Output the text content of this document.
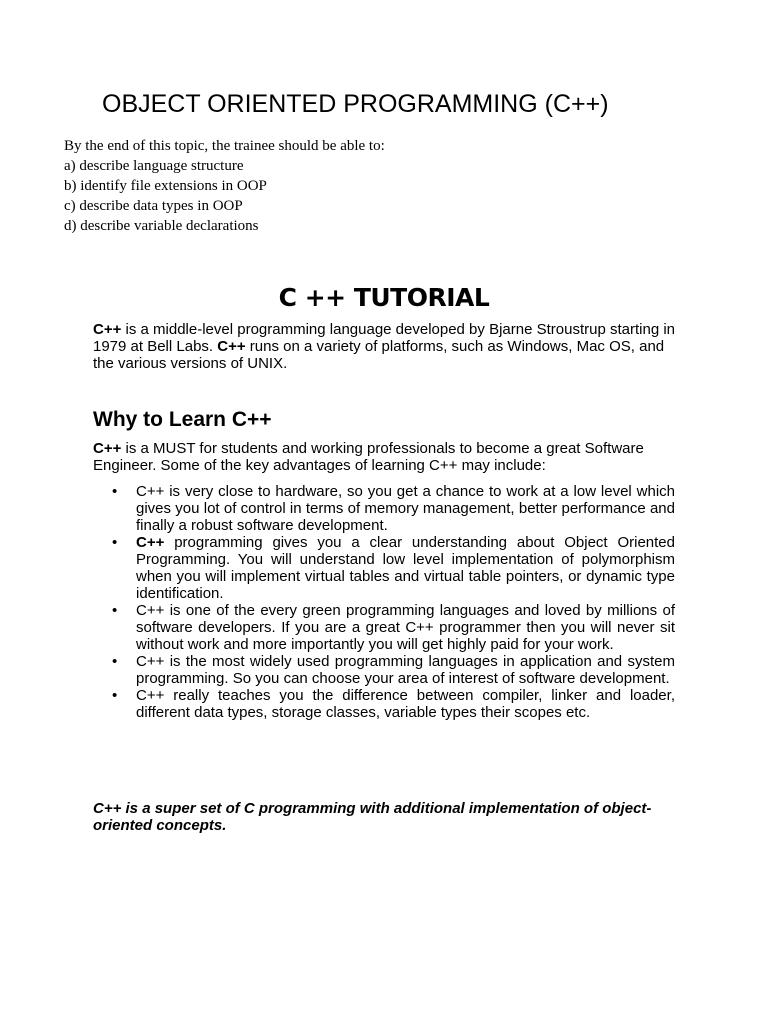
OBJECT ORIENTED PROGRAMMING (C++)
By the end of this topic, the trainee should be able to:
a) describe language structure
b) identify file extensions in OOP
c) describe data types in OOP
d) describe variable declarations
C ++ TUTORIAL

C++ is a middle-level programming language developed by Bjarne Stroustrup starting in 1979 at Bell Labs. C++ runs on a variety of platforms, such as Windows, Mac OS, and the various versions of UNIX.

Why to Learn C++

C++ is a MUST for students and working professionals to become a great Software Engineer. Some of the key advantages of learning C++ may include:

• C++ is very close to hardware, so you get a chance to work at a low level which gives you lot of control in terms of memory management, better performance and finally a robust software development.
• C++ programming gives you a clear understanding about Object Oriented Programming. You will understand low level implementation of polymorphism when you will implement virtual tables and virtual table pointers, or dynamic type identification.
• C++ is one of the every green programming languages and loved by millions of software developers. If you are a great C++ programmer then you will never sit without work and more importantly you will get highly paid for your work.
• C++ is the most widely used programming languages in application and system programming. So you can choose your area of interest of software development.
• C++ really teaches you the difference between compiler, linker and loader, different data types, storage classes, variable types their scopes etc.

C++ is a super set of C programming with additional implementation of object-oriented concepts.
